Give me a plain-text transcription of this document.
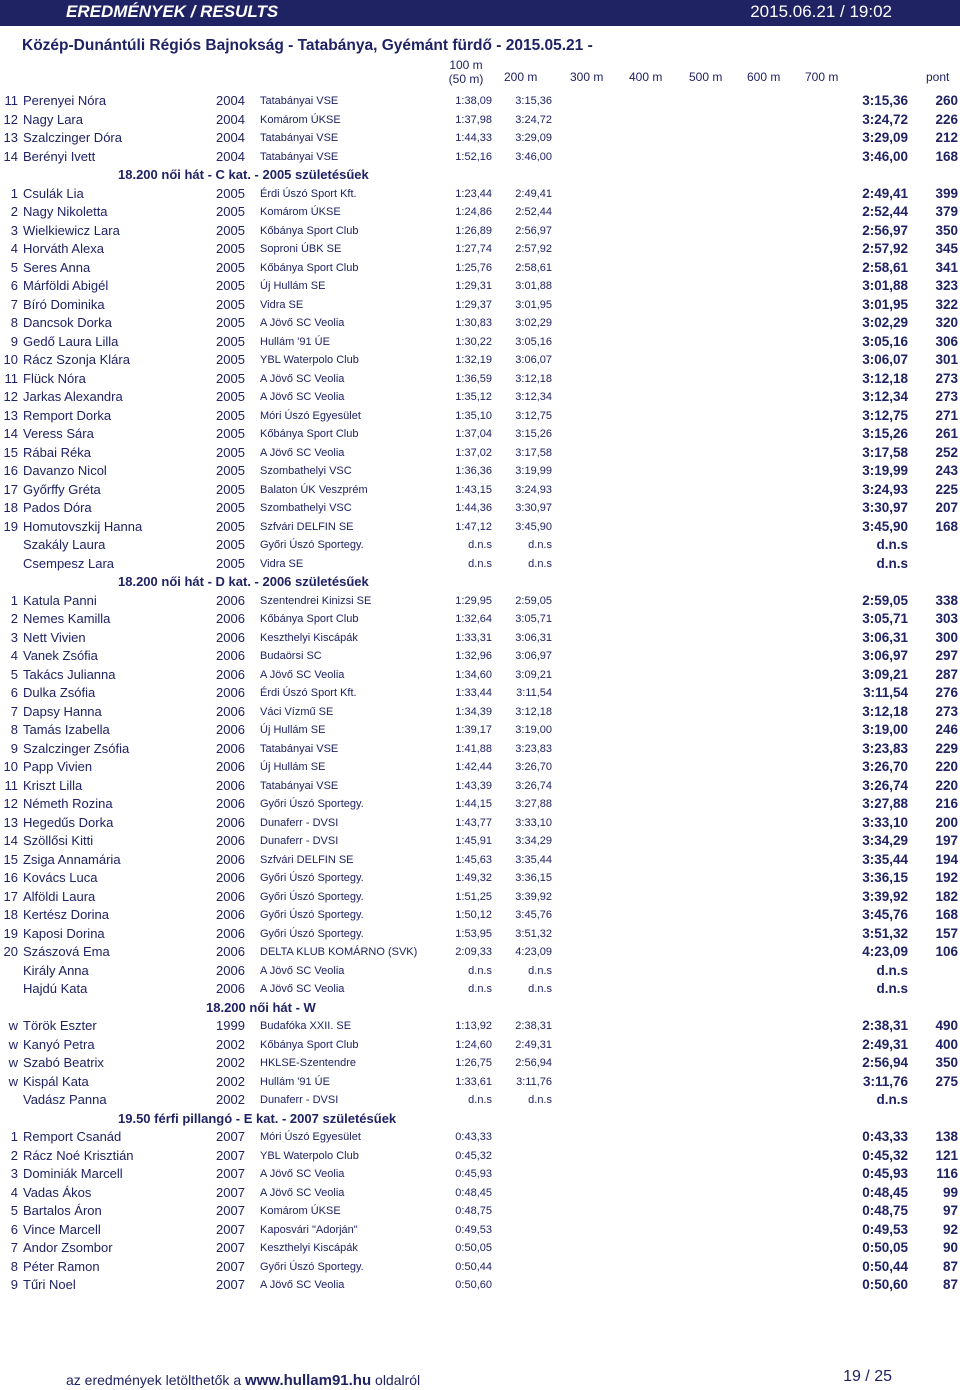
EREDMÉNYEK / RESULTS	2015.06.21 / 19:02
Közép-Dunántúli Régiós Bajnokság - Tatabánya, Gyémánt fürdő - 2015.05.21 -
100 m
(50 m)	200 m	300 m 400 m 500 m 600 m 700 m	pont
11 Perenyei Nóra	2004 Tatabányai VSE	1:38,09	3:15,36	3:15,36 260
12 Nagy Lara	2004 Komárom ÚKSE	1:37,98	3:24,72	3:24,72 226
13 Szalczinger Dóra	2004 Tatabányai VSE	1:44,33	3:29,09	3:29,09 212
14 Berényi Ivett	2004 Tatabányai VSE	1:52,16	3:46,00	3:46,00 168
18.200 női hát - C kat. - 2005 születésűek
1 Csulák Lia	2005 Érdi Úszó Sport Kft.	1:23,44	2:49,41	2:49,41 399
2 Nagy Nikoletta	2005 Komárom ÚKSE	1:24,86	2:52,44	2:52,44 379
3 Wielkiewicz Lara	2005 Kőbánya Sport Club	1:26,89	2:56,97	2:56,97 350
4 Horváth Alexa	2005 Soproni ÚBK SE	1:27,74	2:57,92	2:57,92 345
5 Seres Anna	2005 Kőbánya Sport Club	1:25,76	2:58,61	2:58,61 341
6 Márföldi Abigél	2005 Új Hullám SE	1:29,31	3:01,88	3:01,88 323
7 Bíró Dominika	2005 Vidra SE	1:29,37	3:01,95	3:01,95 322
8 Dancsok Dorka	2005 A Jövő SC Veolia	1:30,83	3:02,29	3:02,29 320
9 Gedő Laura Lilla	2005 Hullám '91 ÚE	1:30,22	3:05,16	3:05,16 306
10 Rácz Szonja Klára	2005 YBL Waterpolo Club	1:32,19	3:06,07	3:06,07 301
11 Flück Nóra	2005 A Jövő SC Veolia	1:36,59	3:12,18	3:12,18 273
12 Jarkas Alexandra	2005 A Jövő SC Veolia	1:35,12	3:12,34	3:12,34 273
13 Remport Dorka	2005 Móri Úszó Egyesület	1:35,10	3:12,75	3:12,75 271
14 Veress Sára	2005 Kőbánya Sport Club	1:37,04	3:15,26	3:15,26 261
15 Rábai Réka	2005 A Jövő SC Veolia	1:37,02	3:17,58	3:17,58 252
16 Davanzo Nicol	2005 Szombathelyi VSC	1:36,36	3:19,99	3:19,99 243
17 Győrffy Gréta	2005 Balaton ÚK Veszprém	1:43,15	3:24,93	3:24,93 225
18 Pados Dóra	2005 Szombathelyi VSC	1:44,36	3:30,97	3:30,97 207
19 Homutovszkij Hanna	2005 Szfvári DELFIN SE	1:47,12	3:45,90	3:45,90 168
Szakály Laura	2005 Győri Úszó Sportegy.	d.n.s	d.n.s	d.n.s
Csempesz Lara	2005 Vidra SE	d.n.s	d.n.s	d.n.s
18.200 női hát - D kat. - 2006 születésűek
1 Katula Panni	2006 Szentendrei Kinizsi SE	1:29,95	2:59,05	2:59,05 338
2 Nemes Kamilla	2006 Kőbánya Sport Club	1:32,64	3:05,71	3:05,71 303
3 Nett Vivien	2006 Keszthelyi Kiscápák	1:33,31	3:06,31	3:06,31 300
4 Vanek Zsófia	2006 Budaörsi SC	1:32,96	3:06,97	3:06,97 297
5 Takács Julianna	2006 A Jövő SC Veolia	1:34,60	3:09,21	3:09,21 287
6 Dulka Zsófia	2006 Érdi Úszó Sport Kft.	1:33,44	3:11,54	3:11,54 276
7 Dapsy Hanna	2006 Váci Vízmű SE	1:34,39	3:12,18	3:12,18 273
8 Tamás Izabella	2006 Új Hullám SE	1:39,17	3:19,00	3:19,00 246
9 Szalczinger Zsófia	2006 Tatabányai VSE	1:41,88	3:23,83	3:23,83 229
10 Papp Vivien	2006 Új Hullám SE	1:42,44	3:26,70	3:26,70 220
11 Kriszt Lilla	2006 Tatabányai VSE	1:43,39	3:26,74	3:26,74 220
12 Németh Rozina	2006 Győri Úszó Sportegy.	1:44,15	3:27,88	3:27,88 216
13 Hegedűs Dorka	2006 Dunaferr - DVSI	1:43,77	3:33,10	3:33,10 200
14 Szöllősi Kitti	2006 Dunaferr - DVSI	1:45,91	3:34,29	3:34,29 197
15 Zsiga Annamária	2006 Szfvári DELFIN SE	1:45,63	3:35,44	3:35,44 194
16 Kovács Luca	2006 Győri Úszó Sportegy.	1:49,32	3:36,15	3:36,15 192
17 Alföldi Laura	2006 Győri Úszó Sportegy.	1:51,25	3:39,92	3:39,92 182
18 Kertész Dorina	2006 Győri Úszó Sportegy.	1:50,12	3:45,76	3:45,76 168
19 Kaposi Dorina	2006 Győri Úszó Sportegy.	1:53,95	3:51,32	3:51,32 157
20 Szászová Ema	2006 DELTA KLUB KOMÁRNO (SVK)	2:09,33	4:23,09	4:23,09 106
Király Anna	2006 A Jövő SC Veolia	d.n.s	d.n.s	d.n.s
Hajdú Kata	2006 A Jövő SC Veolia	d.n.s	d.n.s	d.n.s
18.200 női hát - W
w Török Eszter	1999 Budafóka XXII. SE	1:13,92	2:38,31	2:38,31 490
w Kanyó Petra	2002 Kőbánya Sport Club	1:24,60	2:49,31	2:49,31 400
w Szabó Beatrix	2002 HKLSE-Szentendre	1:26,75	2:56,94	2:56,94 350
w Kispál Kata	2002 Hullám '91 ÚE	1:33,61	3:11,76	3:11,76 275
Vadász Panna	2002 Dunaferr - DVSI	d.n.s	d.n.s	d.n.s
19.50 férfi pillangó - E kat. - 2007 születésűek
1 Remport Csanád	2007 Móri Úszó Egyesület	0:43,33	0:43,33 138
2 Rácz Noé Krisztián	2007 YBL Waterpolo Club	0:45,32	0:45,32 121
3 Dominiák Marcell	2007 A Jövő SC Veolia	0:45,93	0:45,93 116
4 Vadas Ákos	2007 A Jövő SC Veolia	0:48,45	0:48,45	99
5 Bartalos Áron	2007 Komárom ÚKSE	0:48,75	0:48,75	97
6 Vince Marcell	2007 Kaposvári "Adorján"	0:49,53	0:49,53	92
7 Andor Zsombor	2007 Keszthelyi Kiscápák	0:50,05	0:50,05	90
8 Péter Ramon	2007 Győri Úszó Sportegy.	0:50,44	0:50,44	87
9 Tűri Noel	2007 A Jövő SC Veolia	0:50,60	0:50,60	87
az eredmények letölthetők a www.hullam91.hu oldalról	19 / 25
